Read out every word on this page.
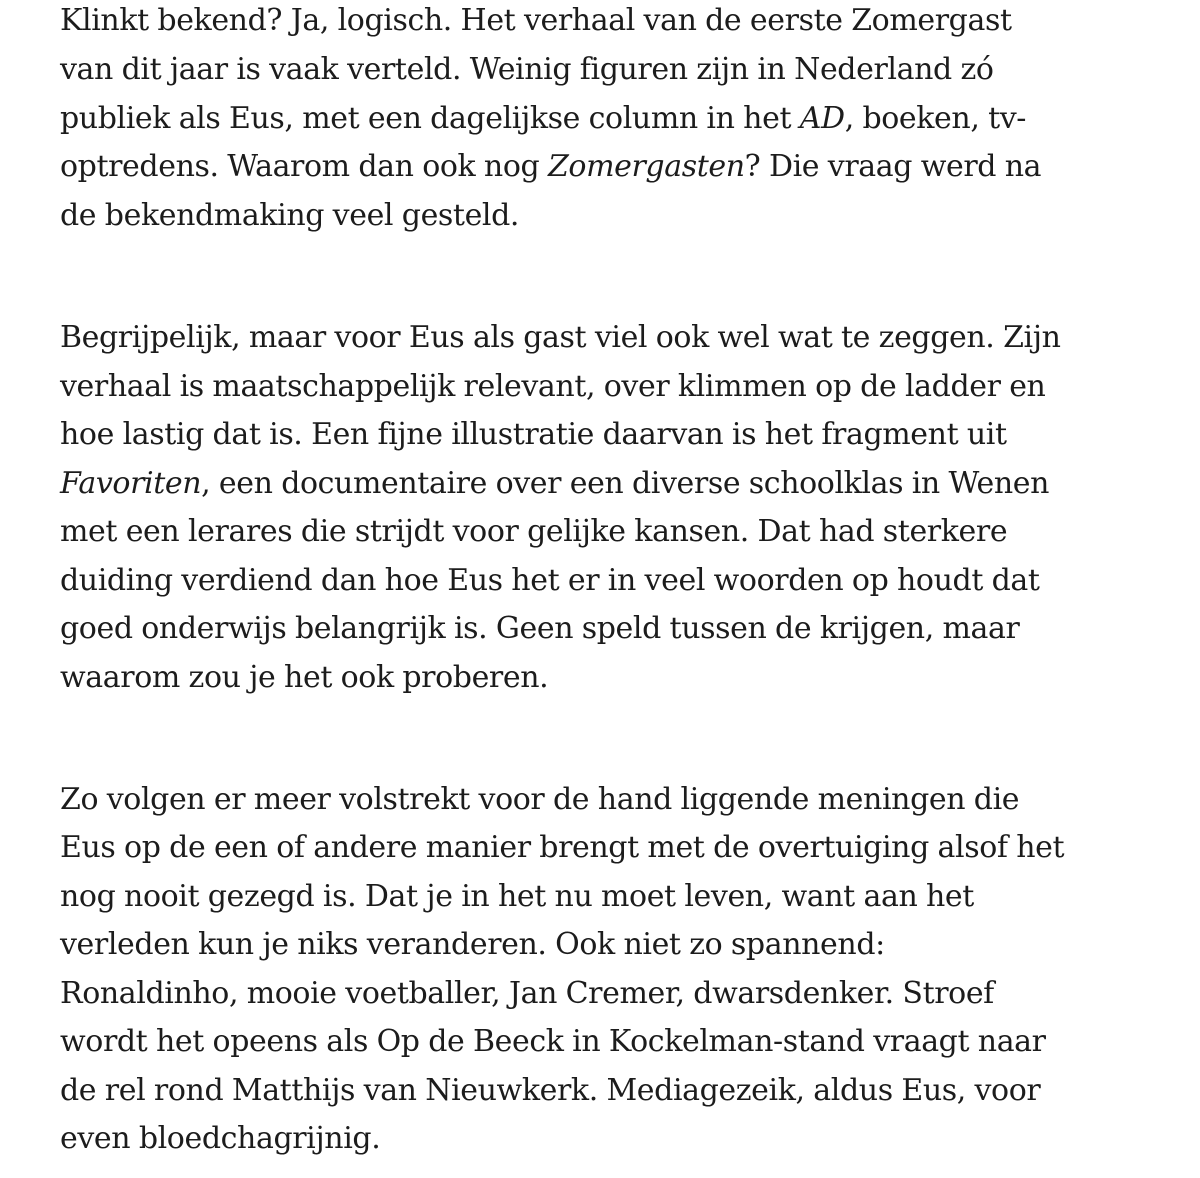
Klinkt bekend? Ja, logisch. Het verhaal van de eerste Zomergast
van dit jaar is vaak verteld. Weinig figuren zijn in Nederland zó
publiek als Eus, met een dagelijkse column in het AD, boeken, tv-
optredens. Waarom dan ook nog Zomergasten? Die vraag werd na
de bekendmaking veel gesteld.
Begrijpelijk, maar voor Eus als gast viel ook wel wat te zeggen. Zijn
verhaal is maatschappelijk relevant, over klimmen op de ladder en
hoe lastig dat is. Een fijne illustratie daarvan is het fragment uit
Favoriten, een documentaire over een diverse schoolklas in Wenen
met een lerares die strijdt voor gelijke kansen. Dat had sterkere
duiding verdiend dan hoe Eus het er in veel woorden op houdt dat
goed onderwijs belangrijk is. Geen speld tussen de krijgen, maar
waarom zou je het ook proberen.
Zo volgen er meer volstrekt voor de hand liggende meningen die
Eus op de een of andere manier brengt met de overtuiging alsof het
nog nooit gezegd is. Dat je in het nu moet leven, want aan het
verleden kun je niks veranderen. Ook niet zo spannend:
Ronaldinho, mooie voetballer, Jan Cremer, dwarsdenker. Stroef
wordt het opeens als Op de Beeck in Kockelman-stand vraagt naar
de rel rond Matthijs van Nieuwkerk. Mediagezeik, aldus Eus, voor
even bloedchagrijnig.
